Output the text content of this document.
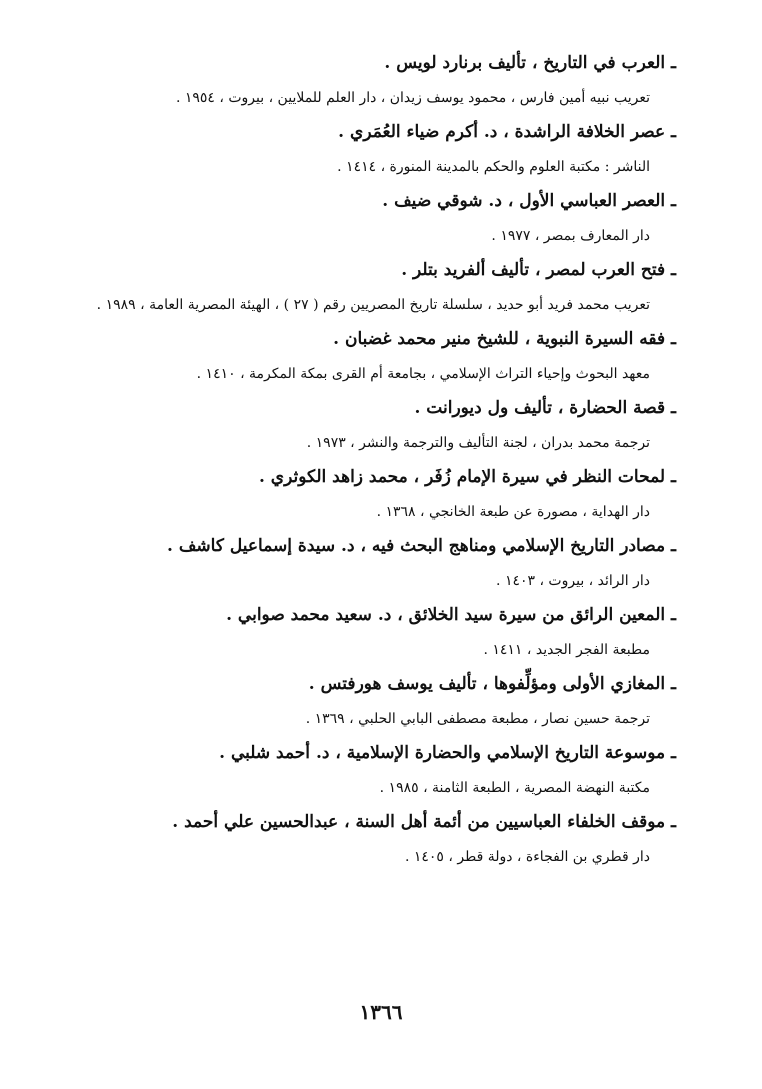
ـ العرب في التاريخ ، تأليف برنارد لويس .
تعريب نبيه أمين فارس ، محمود يوسف زيدان ، دار العلم للملايين ، بيروت ، ١٩٥٤ .
ـ عصر الخلافة الراشدة ، د. أكرم ضياء العُمَري .
الناشر : مكتبة العلوم والحكم بالمدينة المنورة ، ١٤١٤ .
ـ العصر العباسي الأول ، د. شوقي ضيف .
دار المعارف بمصر ، ١٩٧٧ .
ـ فتح العرب لمصر ، تأليف ألفريد بتلر .
تعريب محمد فريد أبو حديد ، سلسلة تاريخ المصريين رقم ( ٢٧ ) ، الهيئة المصرية العامة ، ١٩٨٩ .
ـ فقه السيرة النبوية ، للشيخ منير محمد غضبان .
معهد البحوث وإحياء التراث الإسلامي ، بجامعة أم القرى بمكة المكرمة ، ١٤١٠ .
ـ قصة الحضارة ، تأليف ول ديورانت .
ترجمة محمد بدران ، لجنة التأليف والترجمة والنشر ، ١٩٧٣ .
ـ لمحات النظر في سيرة الإمام زُفَر ، محمد زاهد الكوثري .
دار الهداية ، مصورة عن طبعة الخانجي ، ١٣٦٨ .
ـ مصادر التاريخ الإسلامي ومناهج البحث فيه ، د. سيدة إسماعيل كاشف .
دار الرائد ، بيروت ، ١٤٠٣ .
ـ المعين الرائق من سيرة سيد الخلائق ، د. سعيد محمد صوابي .
مطبعة الفجر الجديد ، ١٤١١ .
ـ المغازي الأولى ومؤلِّفوها ، تأليف يوسف هورفتس .
ترجمة حسين نصار ، مطبعة مصطفى البابي الحلبي ، ١٣٦٩ .
ـ موسوعة التاريخ الإسلامي والحضارة الإسلامية ، د. أحمد شلبي .
مكتبة النهضة المصرية ، الطبعة الثامنة ، ١٩٨٥ .
ـ موقف الخلفاء العباسيين من أئمة أهل السنة ، عبدالحسين علي أحمد .
دار قطري بن الفجاءة ، دولة قطر ، ١٤٠٥ .
١٣٦٦
